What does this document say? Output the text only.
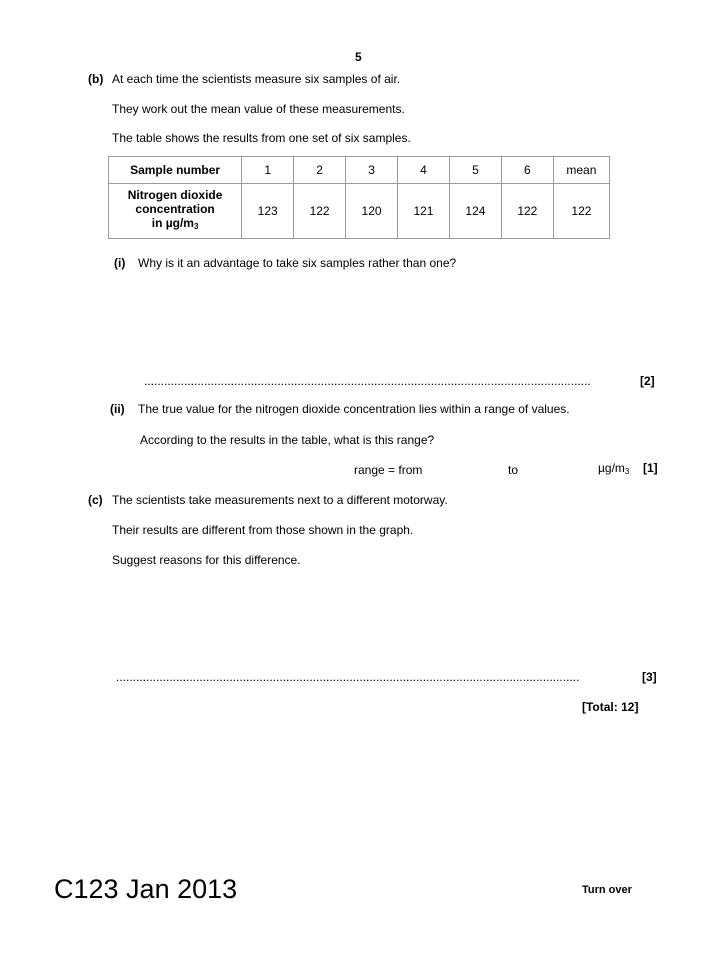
5
(b) At each time the scientists measure six samples of air.
They work out the mean value of these measurements.
The table shows the results from one set of six samples.
Sample number	1	2	3	4	5	6	mean

Nitrogen dioxide
concentration
in $\mu g/m_3$	123	122	120	121	124	122	122
(i) Why is it an advantage to take six samples rather than one?
......................................................................................................................................	[2]
(ii) The true value for the nitrogen dioxide concentration lies within a range of values.
According to the results in the table, what is this range?
range = from	to	$\mu g/m_3$ [1]
(c) The scientists take measurements next to a different motorway.
Their results are different from those shown in the graph.
Suggest reasons for this difference.
...........................................................................................................................................	[3]
[Total: 12]
C123 Jan 2013	Turn over
